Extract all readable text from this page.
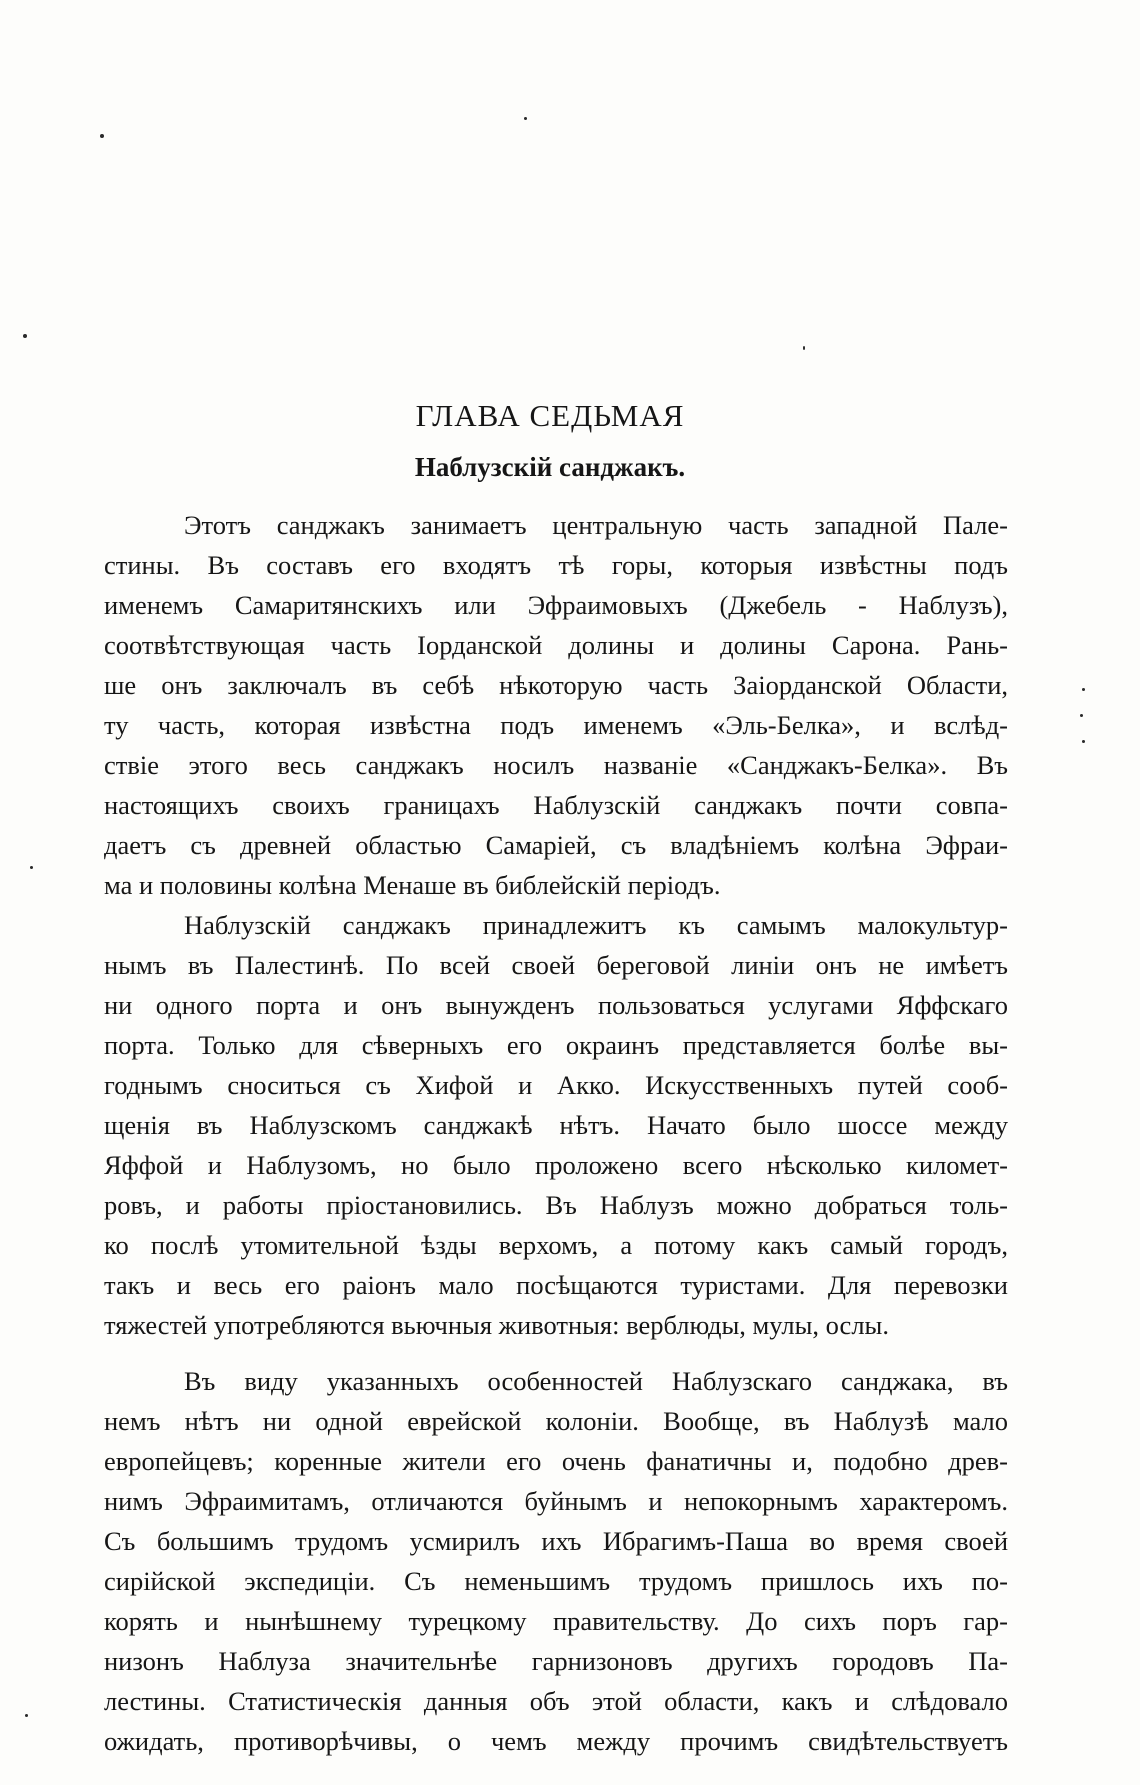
ГЛАВА СЕДЬМАЯ
Наблузскій санджакъ.
Этотъ санджакъ занимаетъ центральную часть западной Пале-
стины. Въ составъ его входятъ тѣ горы, которыя извѣстны подъ
именемъ Самаритянскихъ или Эфраимовыхъ (Джебель - Наблузъ),
соотвѣтствующая часть Іорданской долины и долины Сарона. Рань-
ше онъ заключалъ въ себѣ нѣкоторую часть Заіорданской Области,
ту часть, которая извѣстна подъ именемъ «Эль-Белка», и вслѣд-
ствіе этого весь санджакъ носилъ названіе «Санджакъ-Белка». Въ
настоящихъ своихъ границахъ Наблузскій санджакъ почти совпа-
даетъ съ древней областью Самаріей, съ владѣніемъ колѣна Эфраи-
ма и половины колѣна Менаше въ библейскій періодъ.
Наблузскій санджакъ принадлежитъ къ самымъ малокультур-
нымъ въ Палестинѣ. По всей своей береговой линіи онъ не имѣетъ
ни одного порта и онъ вынужденъ пользоваться услугами Яффскаго
порта. Только для сѣверныхъ его окраинъ представляется болѣе вы-
годнымъ сноситься съ Хифой и Акко. Искусственныхъ путей сооб-
щенія въ Наблузскомъ санджакѣ нѣтъ. Начато было шоссе между
Яффой и Наблузомъ, но было проложено всего нѣсколько километ-
ровъ, и работы пріостановились. Въ Наблузъ можно добраться толь-
ко послѣ утомительной ѣзды верхомъ, а потому какъ самый городъ,
такъ и весь его раіонъ мало посѣщаются туристами. Для перевозки
тяжестей употребляются вьючныя животныя: верблюды, мулы, ослы.
Въ виду указанныхъ особенностей Наблузскаго санджака, въ
немъ нѣтъ ни одной еврейской колоніи. Вообще, въ Наблузѣ мало
европейцевъ; коренные жители его очень фанатичны и, подобно древ-
нимъ Эфраимитамъ, отличаются буйнымъ и непокорнымъ характеромъ.
Съ большимъ трудомъ усмирилъ ихъ Ибрагимъ-Паша во время своей
сирійской экспедиціи. Съ неменьшимъ трудомъ пришлось ихъ по-
корять и нынѣшнему турецкому правительству. До сихъ поръ гар-
низонъ Наблуза значительнѣе гарнизоновъ другихъ городовъ Па-
лестины. Статистическія данныя объ этой области, какъ и слѣдовало
ожидать, противорѣчивы, о чемъ между прочимъ свидѣтельствуетъ
